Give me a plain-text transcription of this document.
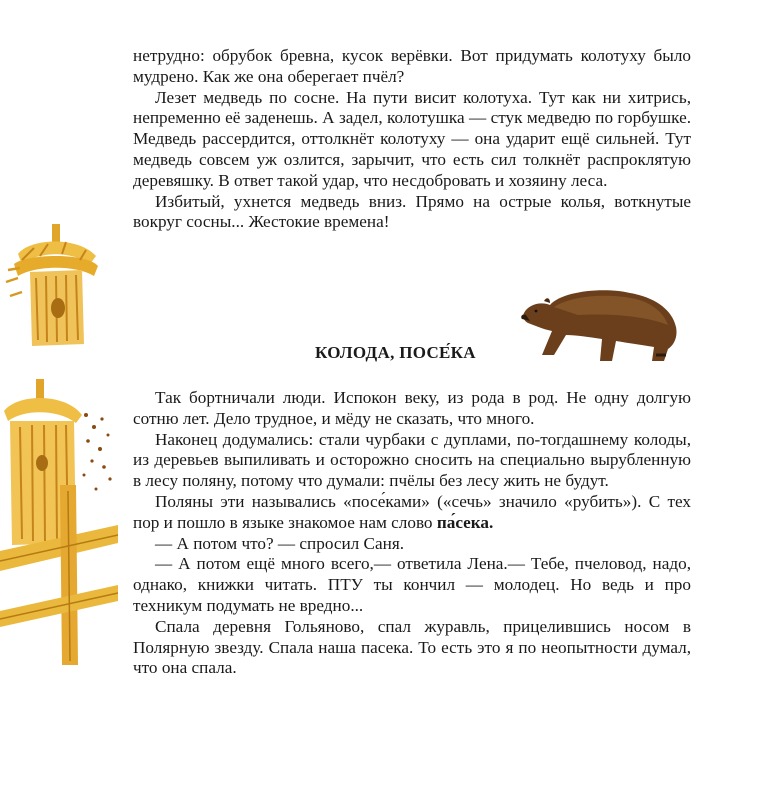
нетрудно: обрубок бревна, кусок верёвки. Вот придумать колотуху было мудрено. Как же она оберегает пчёл?

Лезет медведь по сосне. На пути висит колотуха. Тут как ни хитрись, непременно её заденешь. А задел, колотушка — стук медведю по горбушке. Медведь рассердится, оттолкнёт колотуху — она ударит ещё сильней. Тут медведь совсем уж озлится, зарычит, что есть сил толкнёт распроклятую деревяшку. В ответ такой удар, что несдобровать и хозяину леса.

Избитый, ухнется медведь вниз. Прямо на острые колья, воткнутые вокруг сосны... Жестокие времена!

КОЛОДА, ПОСЕ́КА

Так бортничали люди. Испокон веку, из рода в род. Не одну долгую сотню лет. Дело трудное, и мёду не сказать, что много.

Наконец додумались: стали чурбаки с дуплами, по-тогдашнему колоды, из деревьев выпиливать и осторожно сносить на специально вырубленную в лесу поляну, потому что думали: пчёлы без лесу жить не будут.

Поляны эти назывались «посе́ками» («сечь» значило «рубить»). С тех пор и пошло в языке знакомое нам слово па́сека.

— А потом что? — спросил Саня.

— А потом ещё много всего,— ответила Лена.— Тебе, пчеловод, надо, однако, книжки читать. ПТУ ты кончил — молодец. Но ведь и про техникум подумать не вредно...

Спала деревня Гольяново, спал журавль, прицелившись носом в Полярную звезду. Спала наша пасека. То есть это я по неопытности думал, что она спала.
